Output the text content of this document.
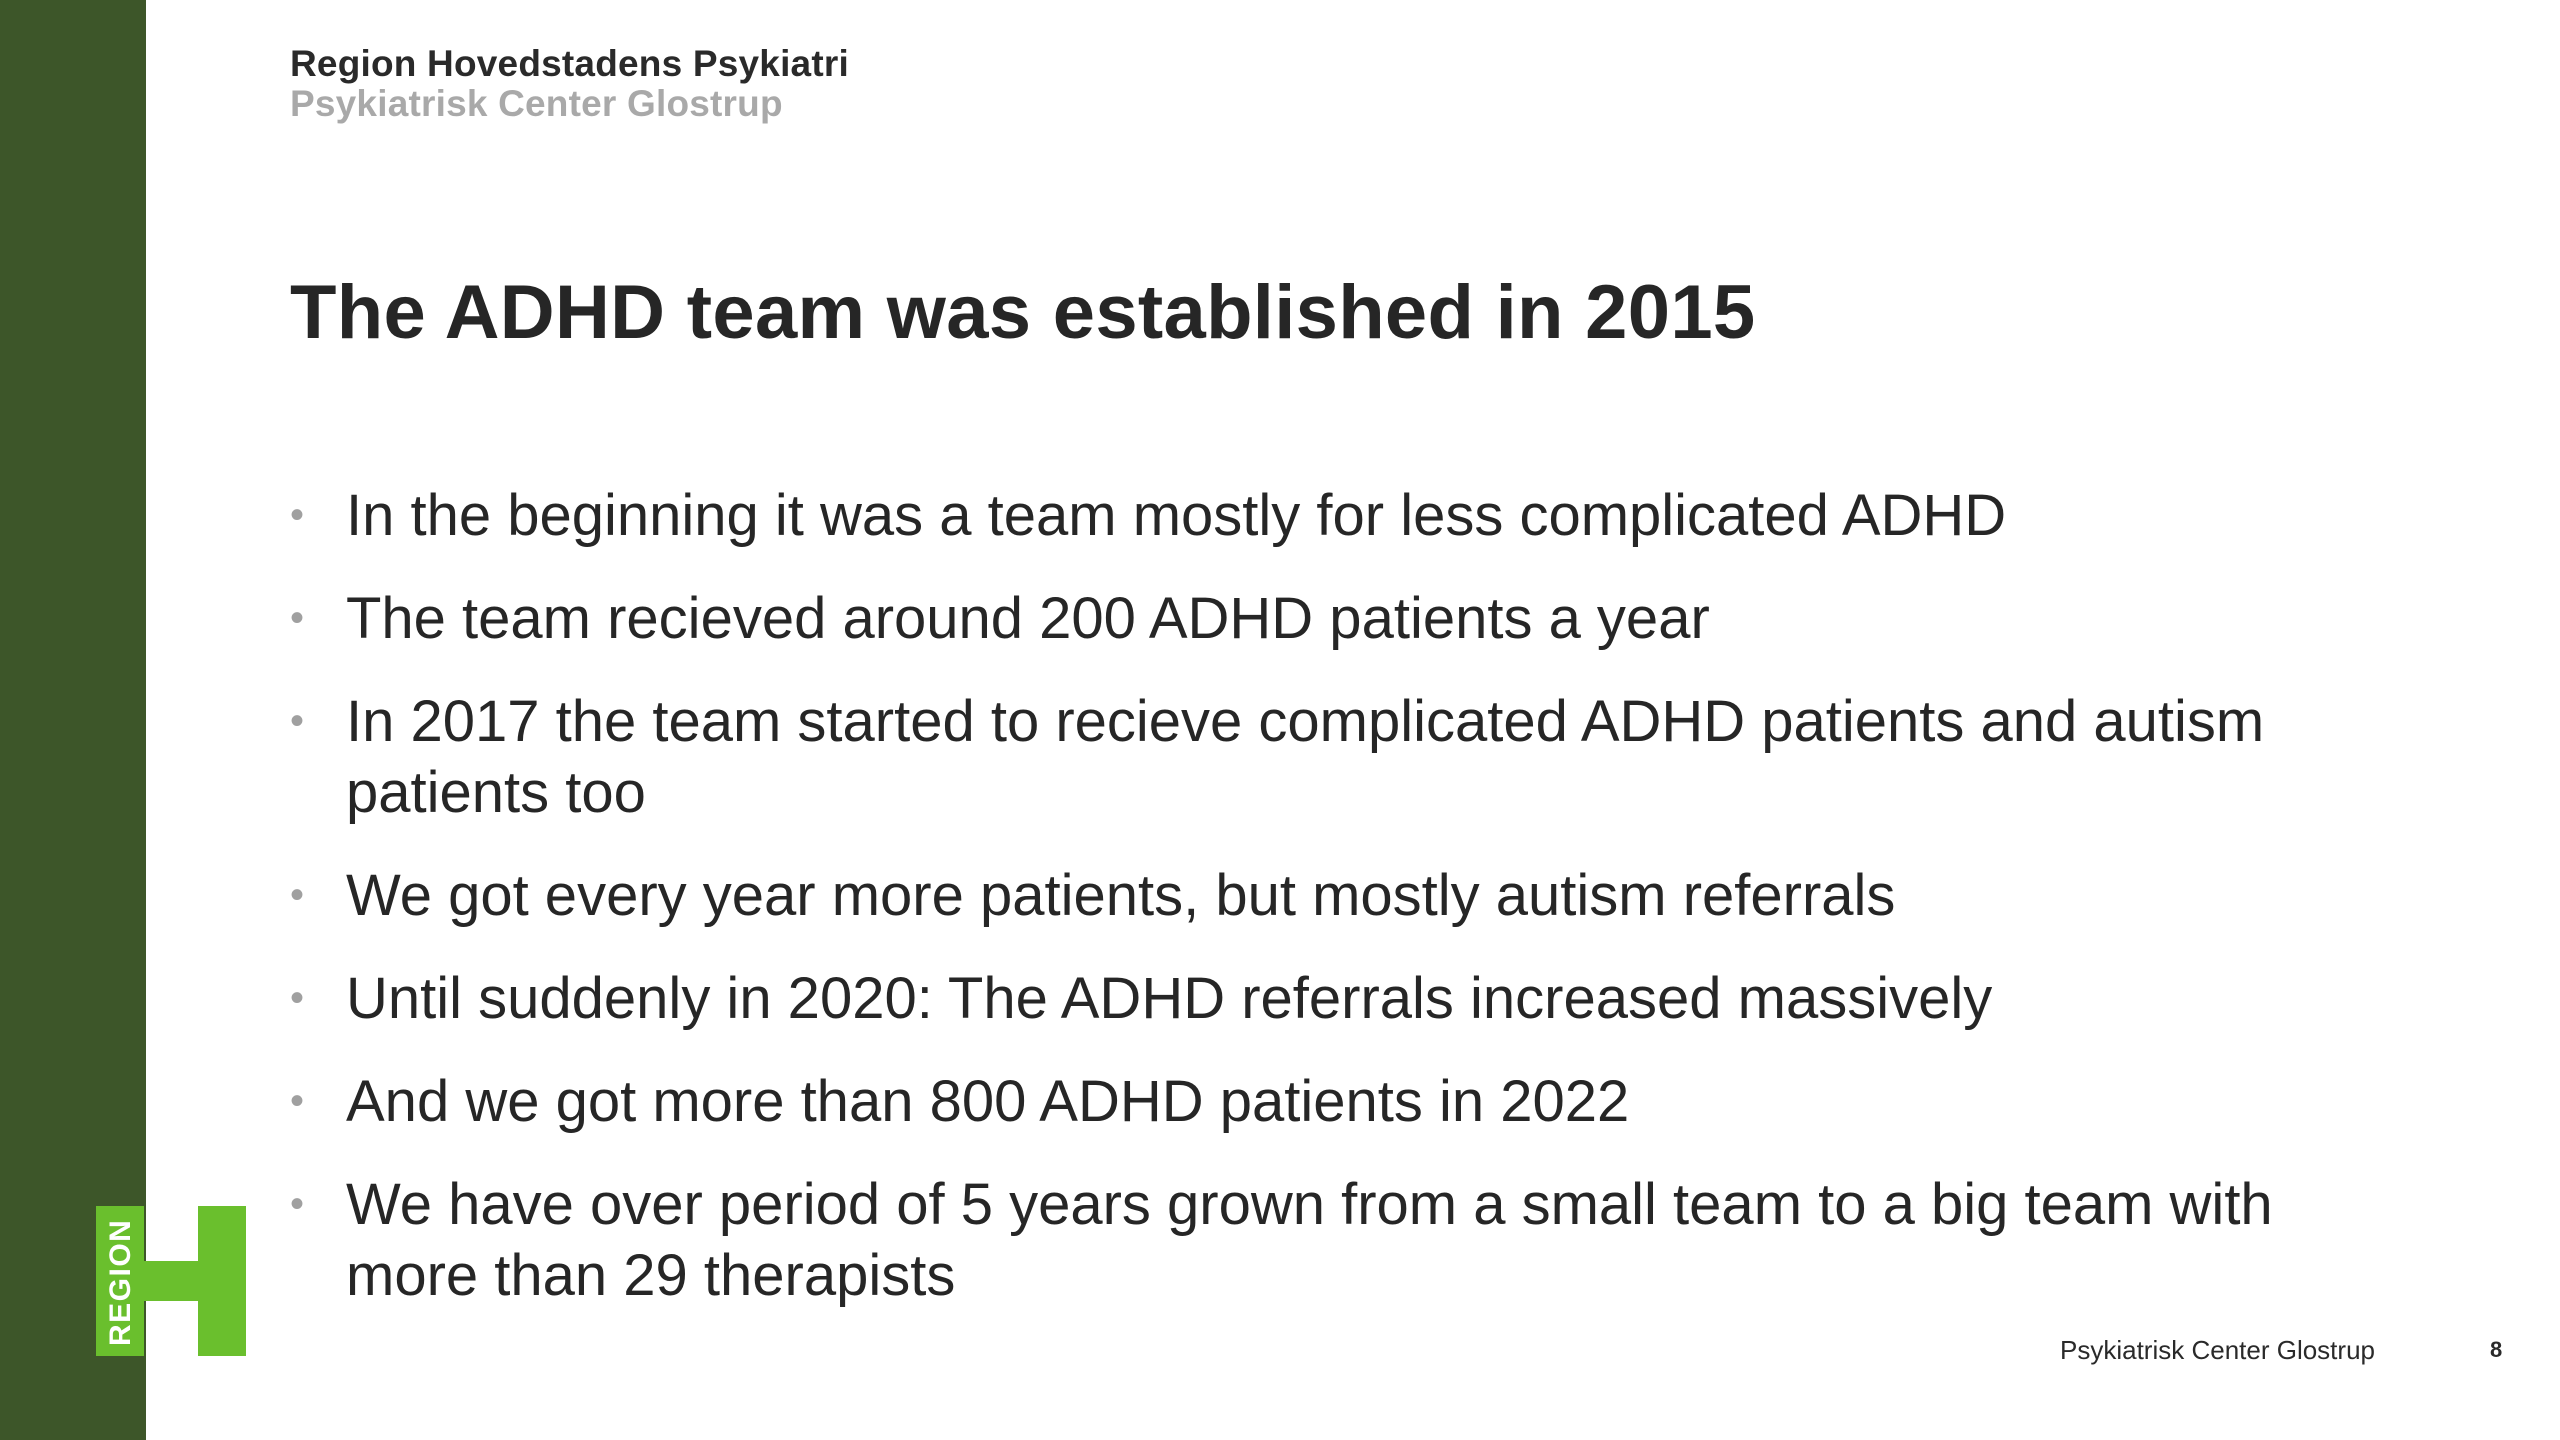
Region Hovedstadens Psykiatri
Psykiatrisk Center Glostrup
The ADHD team was established in 2015
• In the beginning it was a team mostly for less complicated ADHD
• The team recieved around 200 ADHD patients a year
• In 2017 the team started to recieve complicated ADHD patients and autism patients too
• We got every year more patients, but mostly autism referrals
• Until suddenly in 2020: The ADHD referrals increased massively
• And we got more than 800 ADHD patients in 2022
• We have over period of 5 years grown from a small team to a big team with more than 29 therapists
REGION
Psykiatrisk Center Glostrup	8
